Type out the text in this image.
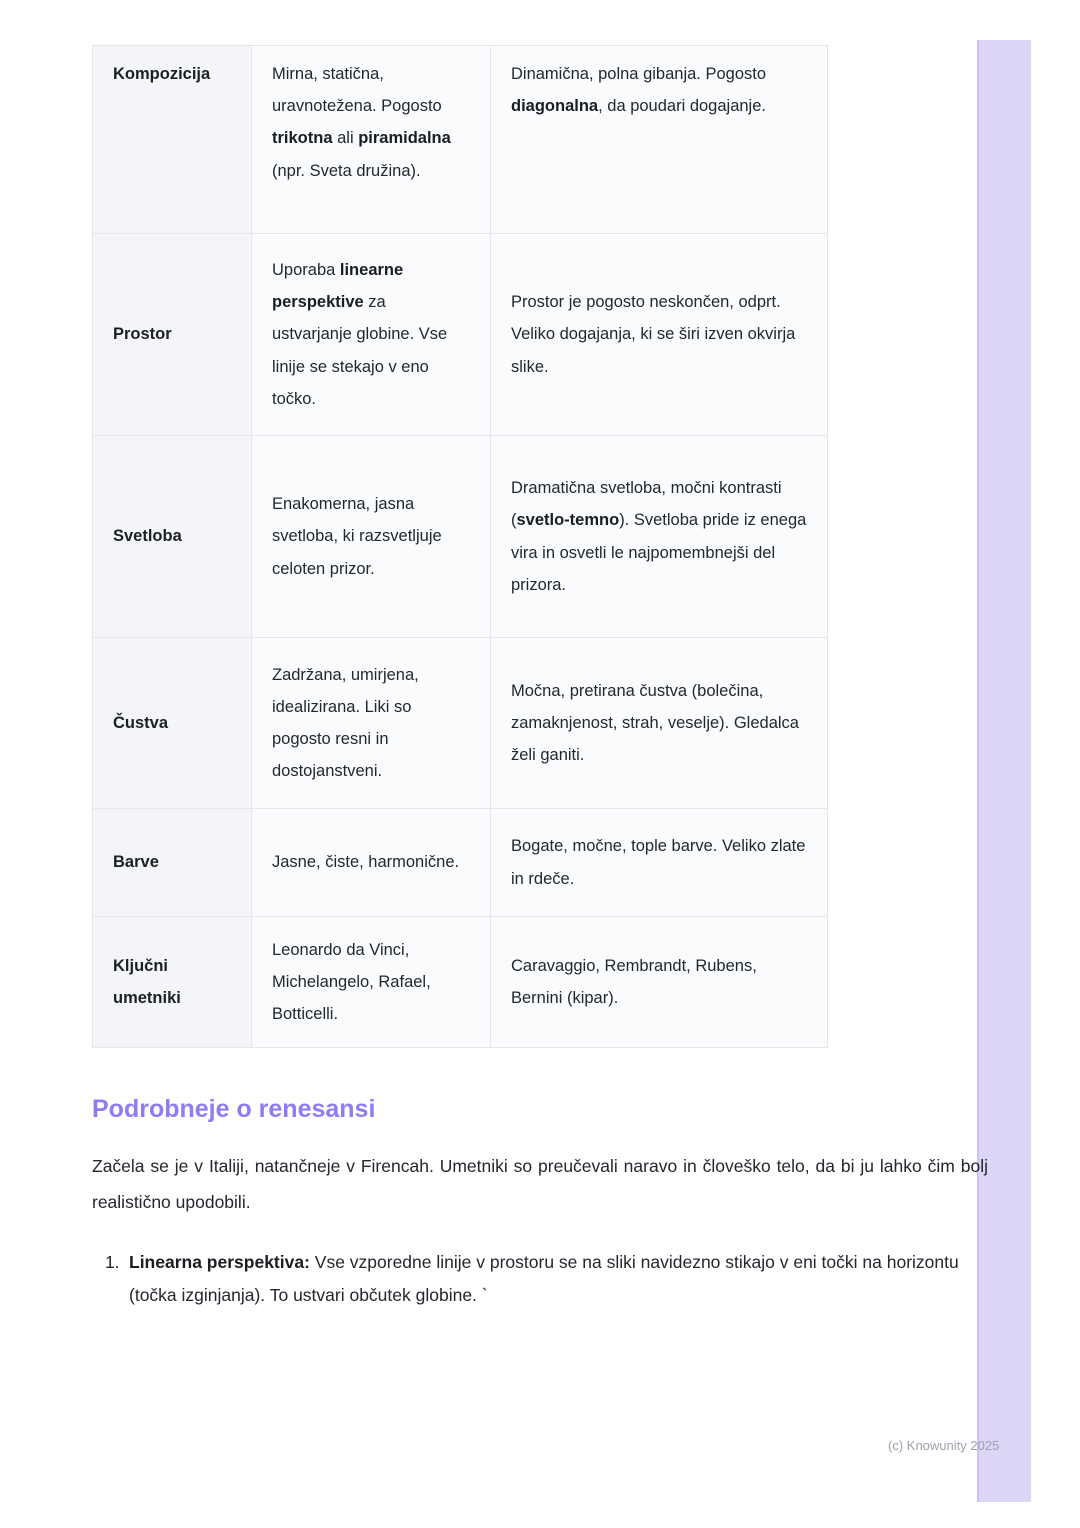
Kompozicija	Mirna, statična, uravnotežena. Pogosto trikotna ali piramidalna (npr. Sveta družina).	Dinamična, polna gibanja. Pogosto diagonalna, da poudari dogajanje.
Prostor	Uporaba linearne perspektive za ustvarjanje globine. Vse linije se stekajo v eno točko.	Prostor je pogosto neskončen, odprt. Veliko dogajanja, ki se širi izven okvirja slike.
Svetloba	Enakomerna, jasna svetloba, ki razsvetljuje celoten prizor.	Dramatična svetloba, močni kontrasti (svetlo-temno). Svetloba pride iz enega vira in osvetli le najpomembnejši del prizora.
Čustva	Zadržana, umirjena, idealizirana. Liki so pogosto resni in dostojanstveni.	Močna, pretirana čustva (bolečina, zamaknjenost, strah, veselje). Gledalca želi ganiti.
Barve	Jasne, čiste, harmonične.	Bogate, močne, tople barve. Veliko zlate in rdeče.
Ključni umetniki	Leonardo da Vinci, Michelangelo, Rafael, Botticelli.	Caravaggio, Rembrandt, Rubens, Bernini (kipar).
Podrobneje o renesansi

Začela se je v Italiji, natančneje v Firencah. Umetniki so preučevali naravo in človeško telo, da bi ju lahko čim bolj realistično upodobili.

1. Linearna perspektiva: Vse vzporedne linije v prostoru se na sliki navidezno stikajo v eni točki na horizontu (točka izginjanja). To ustvari občutek globine. `
(c) Knowunity 2025
